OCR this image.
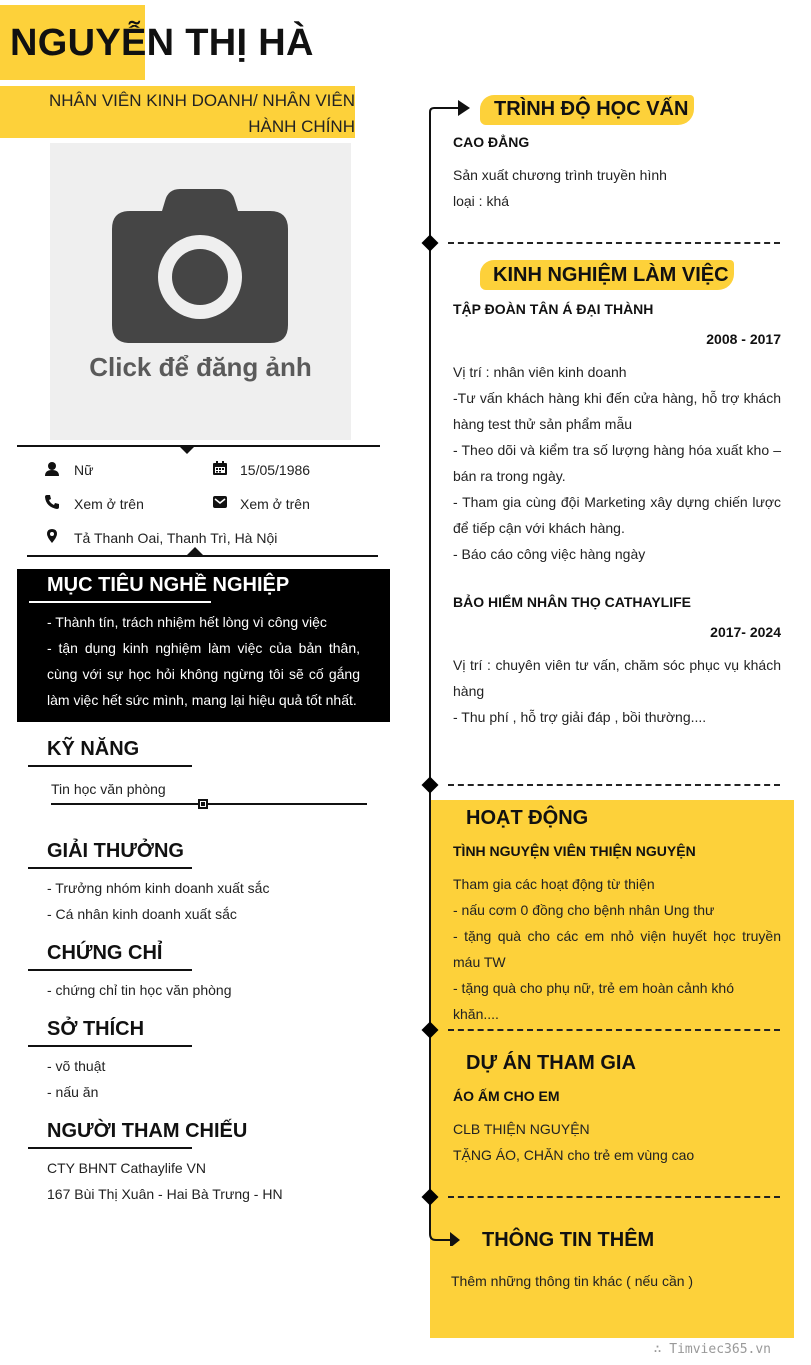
NGUYỄN THỊ HÀ
NHÂN VIÊN KINH DOANH/ NHÂN VIÊN
HÀNH CHÍNH
Click để đăng ảnh
Nữ	15/05/1986
Xem ở trên	Xem ở trên
Tả Thanh Oai, Thanh Trì, Hà Nội
MỤC TIÊU NGHỀ NGHIỆP
- Thành tín, trách nhiệm hết lòng vì công việc
- tận dụng kinh nghiệm làm việc của bản thân, cùng với sự học hỏi không ngừng tôi sẽ cố gắng làm việc hết sức mình, mang lại hiệu quả tốt nhất.
KỸ NĂNG
Tin học văn phòng
GIẢI THƯỞNG
- Trưởng nhóm kinh doanh xuất sắc
- Cá nhân kinh doanh xuất sắc
CHỨNG CHỈ
- chứng chỉ tin học văn phòng
SỞ THÍCH
- võ thuật
- nấu ăn
NGƯỜI THAM CHIẾU
CTY BHNT Cathaylife VN
167 Bùi Thị Xuân - Hai Bà Trưng - HN
TRÌNH ĐỘ HỌC VẤN
CAO ĐẲNG
Sản xuất chương trình truyền hình
loại : khá
KINH NGHIỆM LÀM VIỆC
TẬP ĐOÀN TÂN Á ĐẠI THÀNH
2008 - 2017
Vị trí : nhân viên kinh doanh
-Tư vấn khách hàng khi đến cửa hàng, hỗ trợ khách hàng test thử sản phẩm mẫu
- Theo dõi và kiểm tra số lượng hàng hóa xuất kho – bán ra trong ngày.
- Tham gia cùng đội Marketing xây dựng chiến lược để tiếp cận với khách hàng.
- Báo cáo công việc hàng ngày
BẢO HIỂM NHÂN THỌ CATHAYLIFE
2017- 2024
Vị trí : chuyên viên tư vấn, chăm sóc phục vụ khách hàng
- Thu phí , hỗ trợ giải đáp , bồi thường....
HOẠT ĐỘNG
TÌNH NGUYỆN VIÊN THIỆN NGUYỆN
Tham gia các hoạt động từ thiện
- nấu cơm 0 đồng cho bệnh nhân Ung thư
- tặng quà cho các em nhỏ viện huyết học truyền máu TW
- tặng quà cho phụ nữ, trẻ em hoàn cảnh khó khăn....
DỰ ÁN THAM GIA
ÁO ẤM CHO EM
CLB THIỆN NGUYỆN
TẶNG ÁO, CHĂN cho trẻ em vùng cao
THÔNG TIN THÊM
Thêm những thông tin khác ( nếu cần )
∴ Timviec365.vn
